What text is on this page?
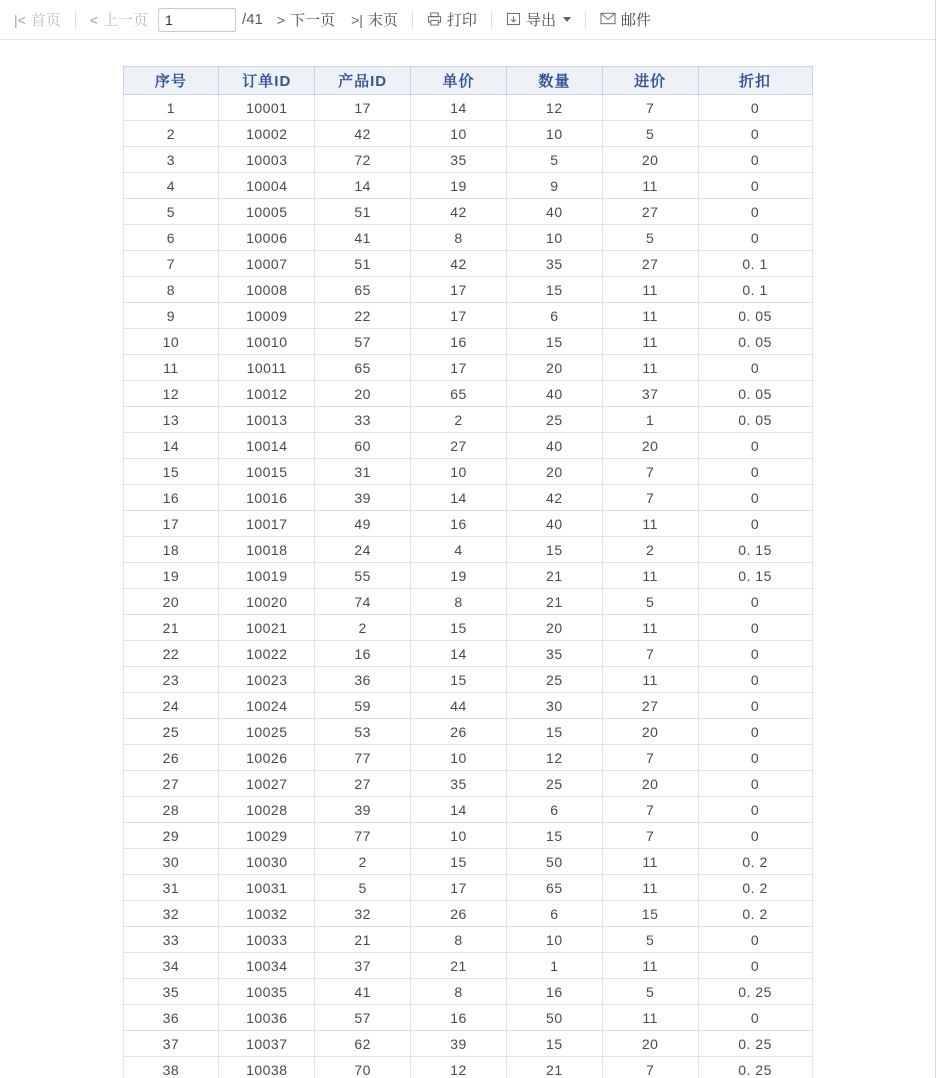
|< 首页 < 上一页
1	/41 > 下一页 >| 末页	打印	导出	邮件
序号	订单ID	产品ID	单价	数量	进价	折扣
1	10001	17	14	12	7	0
2	10002	42	10	10	5	0
3	10003	72	35	5	20	0
4	10004	14	19	9	11	0
5	10005	51	42	40	27	0
6	10006	41	8	10	5	0
7	10007	51	42	35	27	0. 1
8	10008	65	17	15	11	0. 1
9	10009	22	17	6	11	0. 05
10	10010	57	16	15	11	0. 05
11	10011	65	17	20	11	0
12	10012	20	65	40	37	0. 05
13	10013	33	2	25	1	0. 05
14	10014	60	27	40	20	0
15	10015	31	10	20	7	0
16	10016	39	14	42	7	0
17	10017	49	16	40	11	0
18	10018	24	4	15	2	0. 15
19	10019	55	19	21	11	0. 15
20	10020	74	8	21	5	0
21	10021	2	15	20	11	0
22	10022	16	14	35	7	0
23	10023	36	15	25	11	0
24	10024	59	44	30	27	0
25	10025	53	26	15	20	0
26	10026	77	10	12	7	0
27	10027	27	35	25	20	0
28	10028	39	14	6	7	0
29	10029	77	10	15	7	0
30	10030	2	15	50	11	0. 2
31	10031	5	17	65	11	0. 2
32	10032	32	26	6	15	0. 2
33	10033	21	8	10	5	0
34	10034	37	21	1	11	0
35	10035	41	8	16	5	0. 25
36	10036	57	16	50	11	0
37	10037	62	39	15	20	0. 25
38	10038	70	12	21	7	0. 25
